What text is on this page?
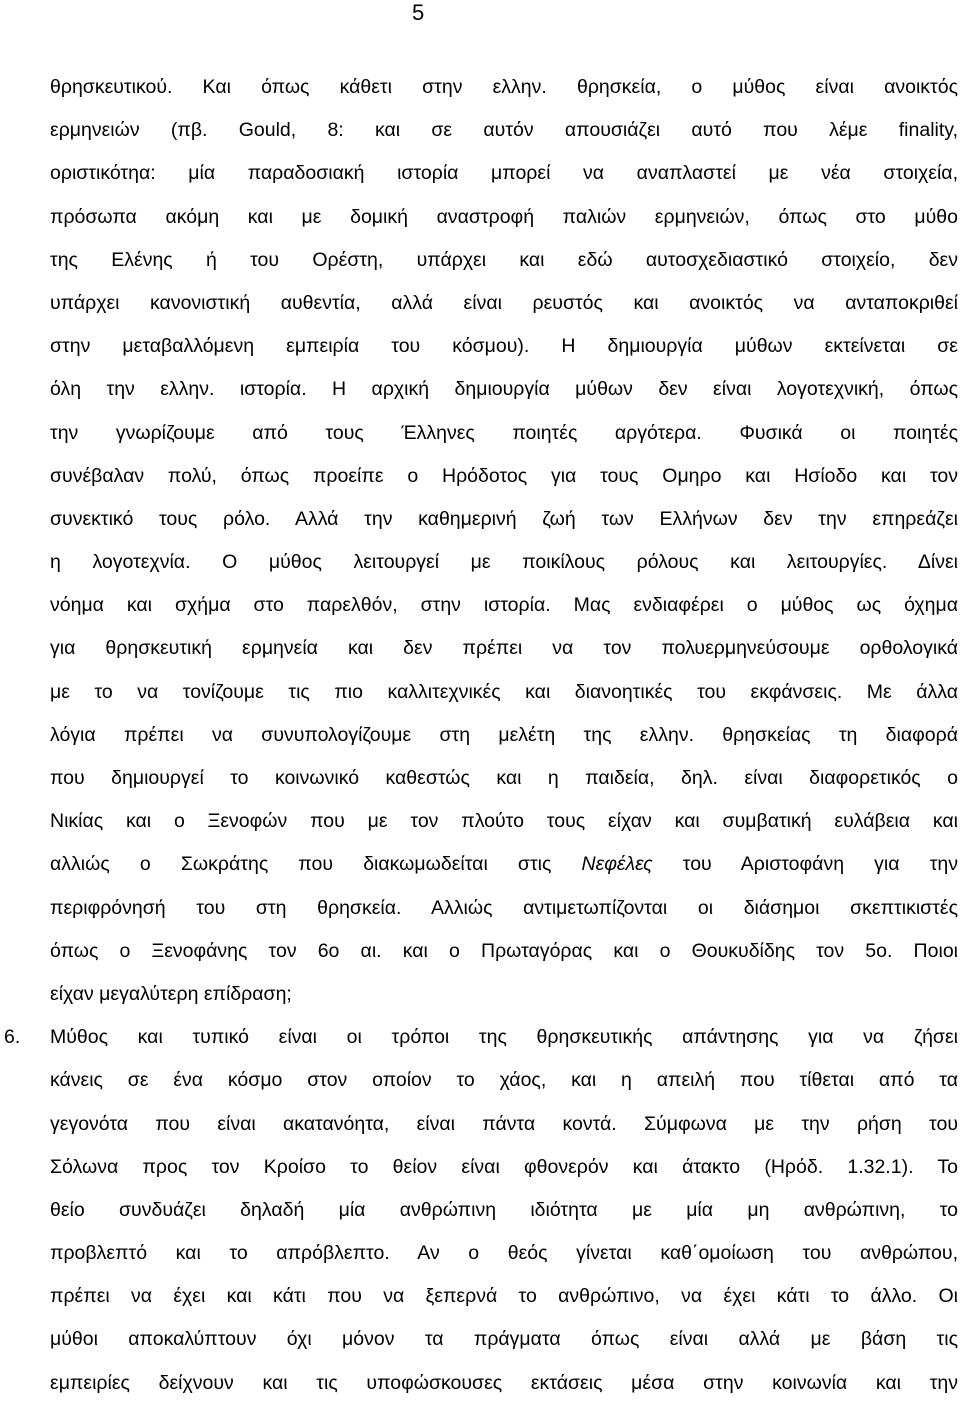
5
θρησκευτικού. Και όπως κάθετι στην ελλην. θρησκεία, ο μύθος είναι ανοικτός
ερμηνειών (πβ. Gould, 8: και σε αυτόν απουσιάζει αυτό που λέμε finality,
οριστικότηα: μία παραδοσιακή ιστορία μπορεί να αναπλαστεί με νέα στοιχεία,
πρόσωπα ακόμη και με δομική αναστροφή παλιών ερμηνειών, όπως στο μύθο
της Ελένης ή του Ορέστη, υπάρχει και εδώ αυτοσχεδιαστικό στοιχείο, δεν
υπάρχει κανονιστική αυθεντία, αλλά είναι ρευστός και ανοικτός να ανταποκριθεί
στην μεταβαλλόμενη εμπειρία του κόσμου). Η δημιουργία μύθων εκτείνεται σε
όλη την ελλην. ιστορία. Η αρχική δημιουργία μύθων δεν είναι λογοτεχνική, όπως
την γνωρίζουμε από τους Έλληνες ποιητές αργότερα. Φυσικά οι ποιητές
συνέβαλαν πολύ, όπως προείπε ο Ηρόδοτος για τους Ομηρο και Ησίοδο και τον
συνεκτικό τους ρόλο. Αλλά την καθημερινή ζωή των Ελλήνων δεν την επηρεάζει
η λογοτεχνία. Ο μύθος λειτουργεί με ποικίλους ρόλους και λειτουργίες. Δίνει
νόημα και σχήμα στο παρελθόν, στην ιστορία. Μας ενδιαφέρει ο μύθος ως όχημα
για θρησκευτική ερμηνεία και δεν πρέπει να τον πολυερμηνεύσουμε ορθολογικά
με το να τονίζουμε τις πιο καλλιτεχνικές και διανοητικές του εκφάνσεις. Με άλλα
λόγια πρέπει να συνυπολογίζουμε στη μελέτη της ελλην. θρησκείας τη διαφορά
που δημιουργεί το κοινωνικό καθεστώς και η παιδεία, δηλ. είναι διαφορετικός ο
Νικίας και ο Ξενοφών που με τον πλούτο τους είχαν και συμβατική ευλάβεια και
αλλιώς ο Σωκράτης που διακωμωδείται στις Νεφέλες του Αριστοφάνη για την
περιφρόνησή του στη θρησκεία. Αλλιώς αντιμετωπίζονται οι διάσημοι σκεπτικιστές
όπως ο Ξενοφάνης τον 6ο αι. και ο Πρωταγόρας και ο Θουκυδίδης τον 5ο. Ποιοι
είχαν μεγαλύτερη επίδραση;
6. Μύθος και τυπικό είναι οι τρόποι της θρησκευτικής απάντησης για να ζήσει
κάνεις σε ένα κόσμο στον οποίον το χάος, και η απειλή που τίθεται από τα
γεγονότα που είναι ακατανόητα, είναι πάντα κοντά. Σύμφωνα με την ρήση του
Σόλωνα προς τον Κροίσο το θείον είναι φθονερόν και άτακτο (Ηρόδ. 1.32.1). Το
θείο συνδυάζει δηλαδή μία ανθρώπινη ιδιότητα με μία μη ανθρώπινη, το
προβλεπτό και το απρόβλεπτο. Αν ο θεός γίνεται καθ΄ομοίωση του ανθρώπου,
πρέπει να έχει και κάτι που να ξεπερνά το ανθρώπινο, να έχει κάτι το άλλο. Οι
μύθοι αποκαλύπτουν όχι μόνον τα πράγματα όπως είναι αλλά με βάση τις
εμπειρίες δείχνουν και τις υποφώσκουσες εκτάσεις μέσα στην κοινωνία και την
